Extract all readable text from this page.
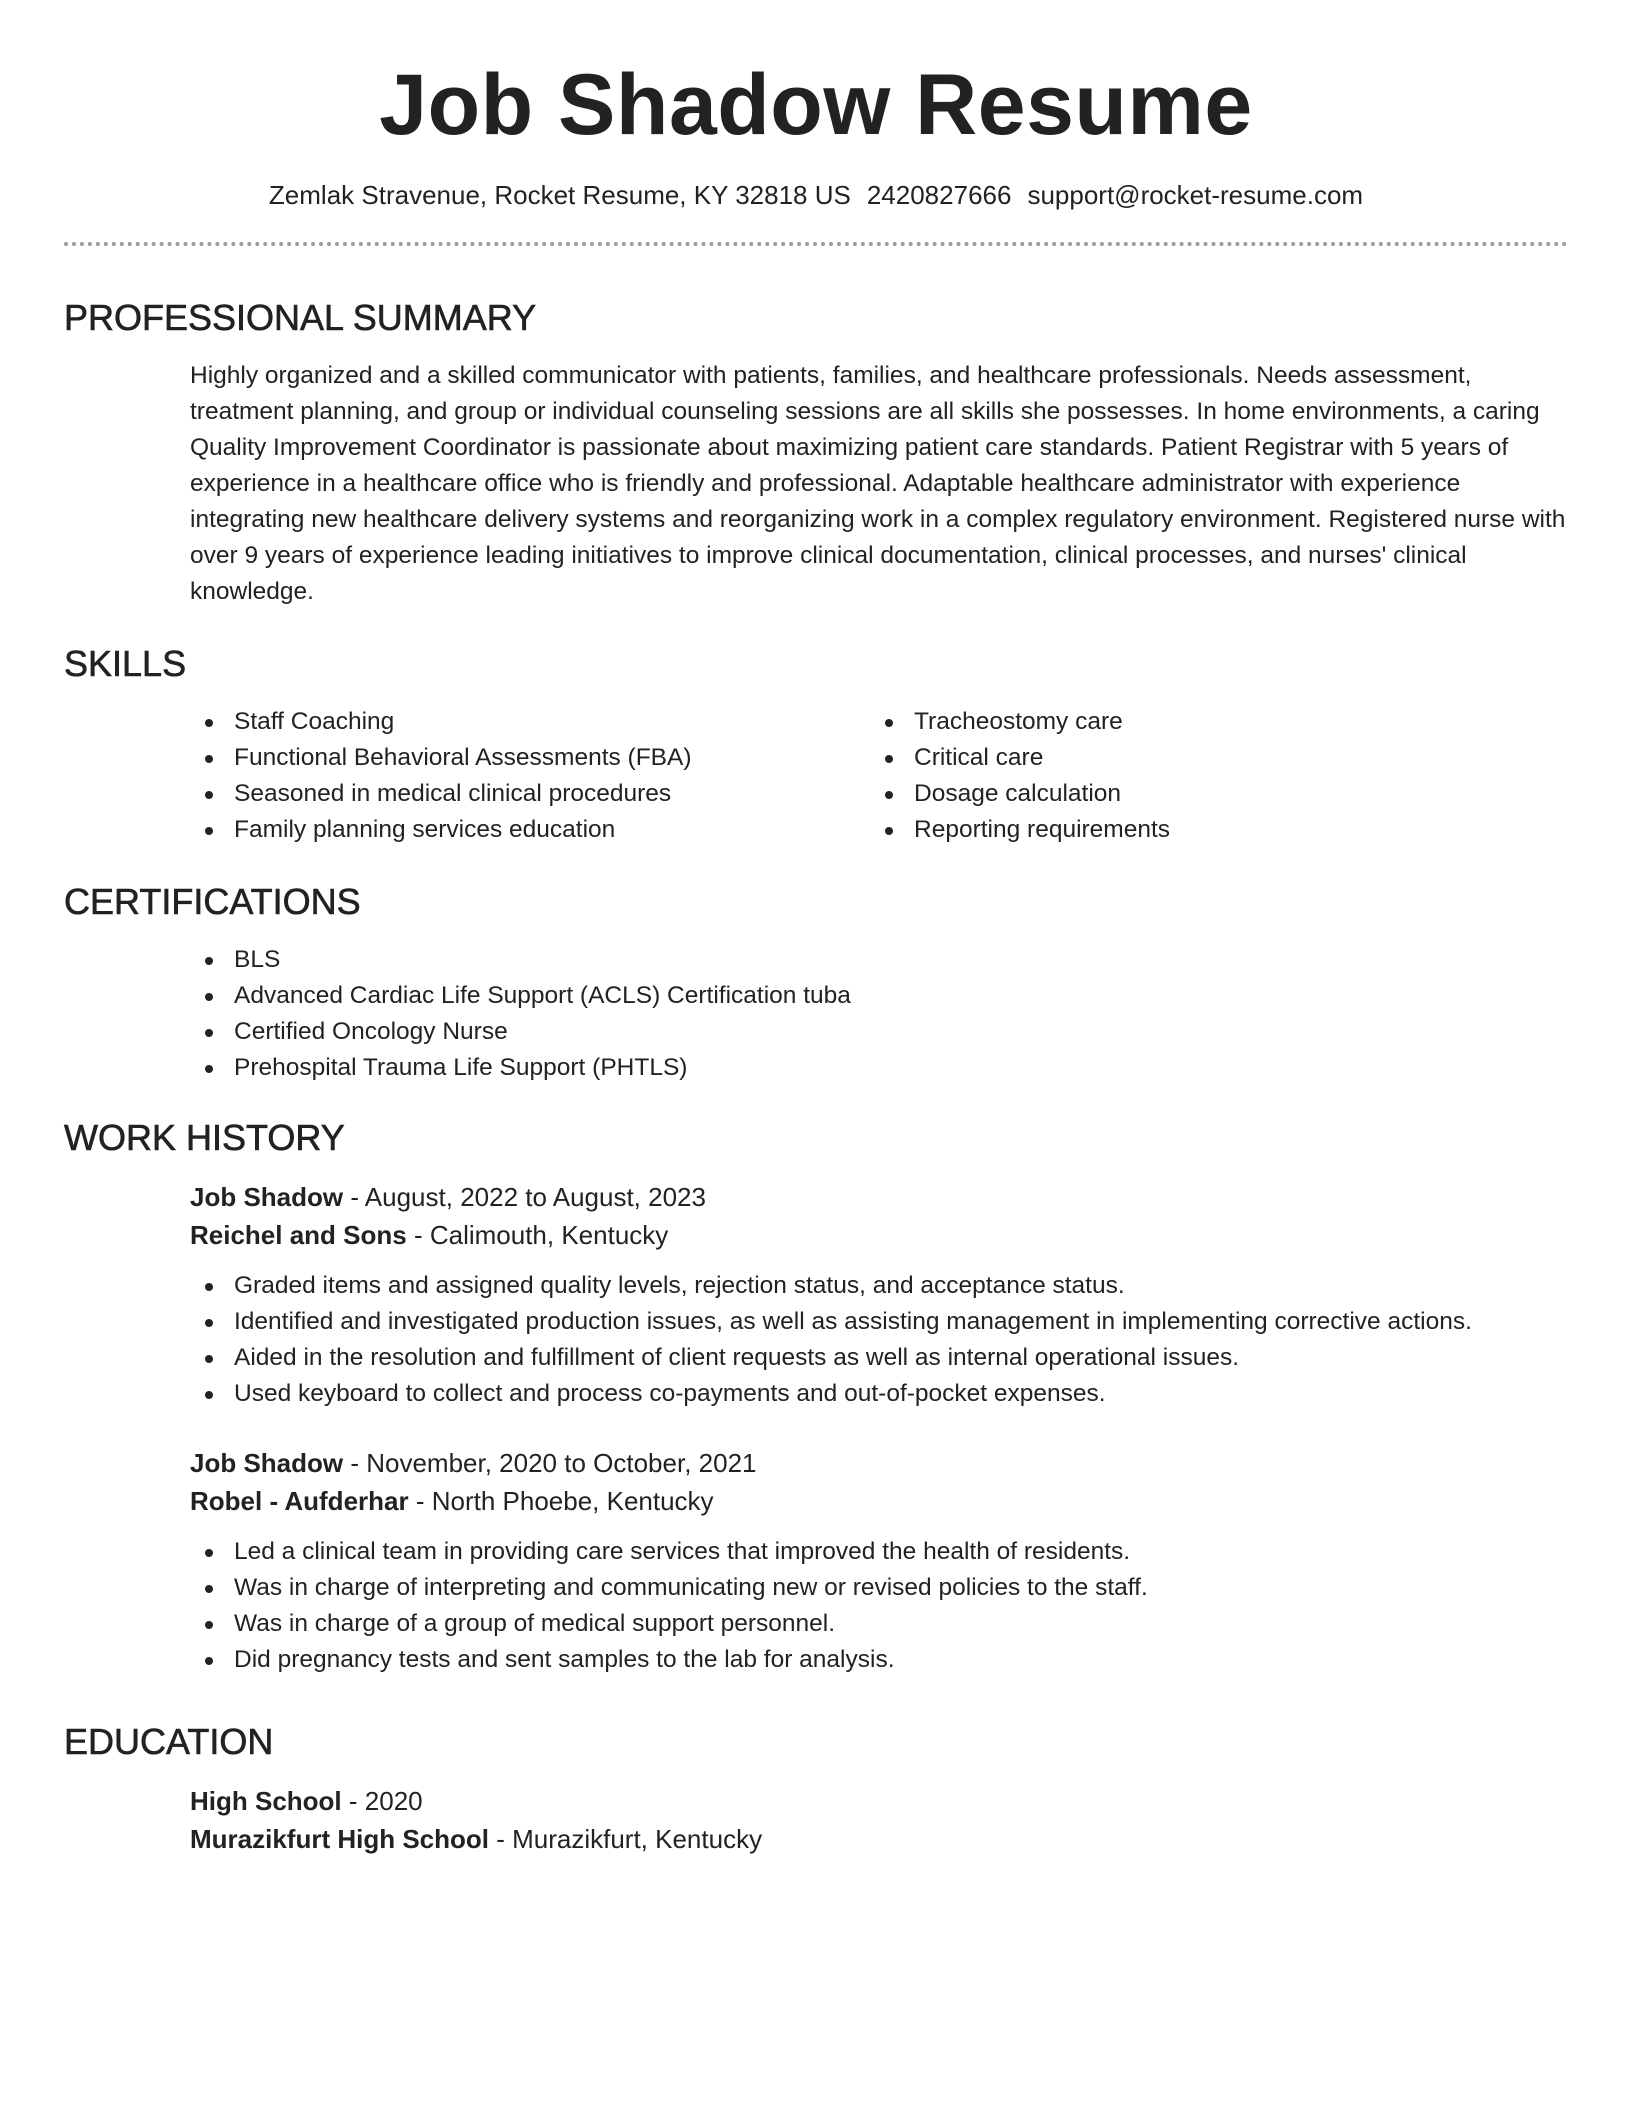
Job Shadow Resume
Zemlak Stravenue, Rocket Resume, KY 32818 US 2420827666 support@rocket-resume.com
PROFESSIONAL SUMMARY
Highly organized and a skilled communicator with patients, families, and healthcare professionals. Needs assessment, treatment planning, and group or individual counseling sessions are all skills she possesses. In home environments, a caring Quality Improvement Coordinator is passionate about maximizing patient care standards. Patient Registrar with 5 years of experience in a healthcare office who is friendly and professional. Adaptable healthcare administrator with experience integrating new healthcare delivery systems and reorganizing work in a complex regulatory environment. Registered nurse with over 9 years of experience leading initiatives to improve clinical documentation, clinical processes, and nurses' clinical knowledge.
SKILLS
Staff Coaching
Functional Behavioral Assessments (FBA)
Seasoned in medical clinical procedures
Family planning services education
Tracheostomy care
Critical care
Dosage calculation
Reporting requirements
CERTIFICATIONS
BLS
Advanced Cardiac Life Support (ACLS) Certification tuba
Certified Oncology Nurse
Prehospital Trauma Life Support (PHTLS)
WORK HISTORY
Job Shadow - August, 2022 to August, 2023
Reichel and Sons - Calimouth, Kentucky
Graded items and assigned quality levels, rejection status, and acceptance status.
Identified and investigated production issues, as well as assisting management in implementing corrective actions.
Aided in the resolution and fulfillment of client requests as well as internal operational issues.
Used keyboard to collect and process co-payments and out-of-pocket expenses.
Job Shadow - November, 2020 to October, 2021
Robel - Aufderhar - North Phoebe, Kentucky
Led a clinical team in providing care services that improved the health of residents.
Was in charge of interpreting and communicating new or revised policies to the staff.
Was in charge of a group of medical support personnel.
Did pregnancy tests and sent samples to the lab for analysis.
EDUCATION
High School - 2020
Murazikfurt High School - Murazikfurt, Kentucky
